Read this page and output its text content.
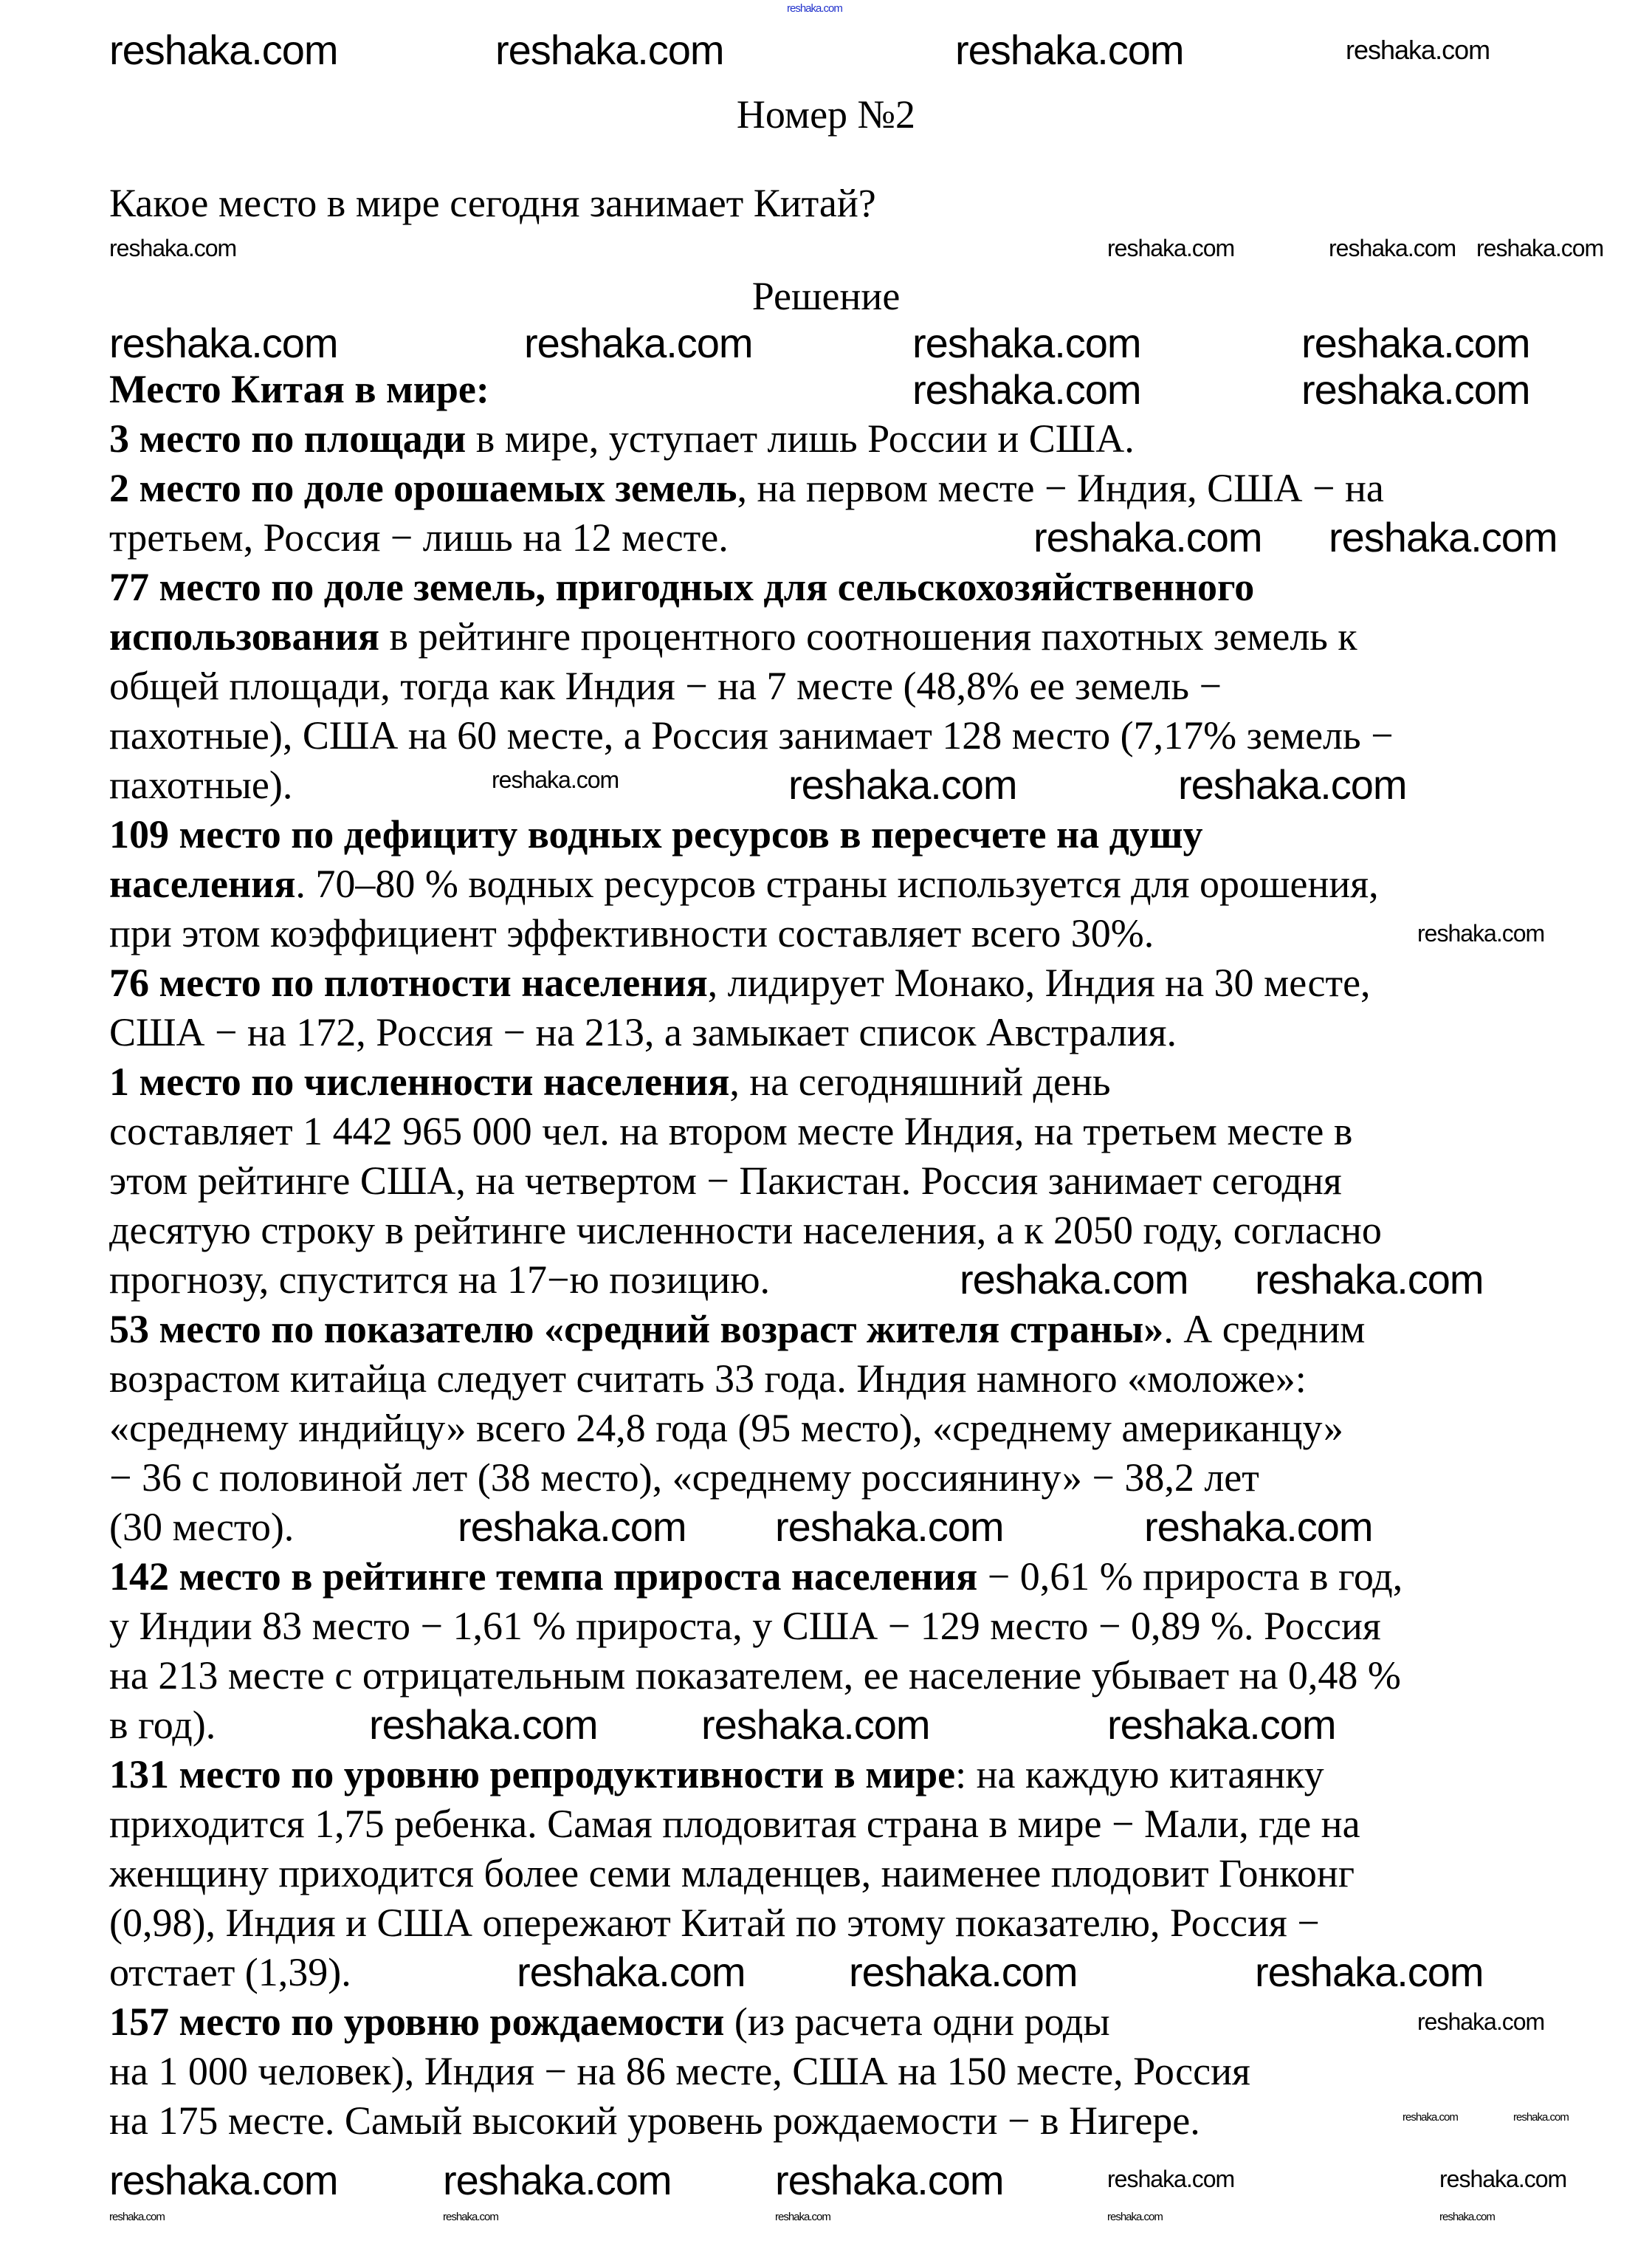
Номер №2
Какое место в мире сегодня занимает Китай?
Решение
Место Китая в мире:
3 место по площади в мире, уступает лишь России и США.
2 место по доле орошаемых земель, на первом месте − Индия, США − на
третьем, Россия − лишь на 12 месте.
77 место по доле земель, пригодных для сельскохозяйственного
использования в рейтинге процентного соотношения пахотных земель к
общей площади, тогда как Индия − на 7 месте (48,8% ее земель −
пахотные), США на 60 месте, а Россия занимает 128 место (7,17% земель −
пахотные).
109 место по дефициту водных ресурсов в пересчете на душу
населения. 70–80 % водных ресурсов страны используется для орошения,
при этом коэффициент эффективности составляет всего 30%.
76 место по плотности населения, лидирует Монако, Индия на 30 месте,
США − на 172, Россия − на 213, а замыкает список Австралия.
1 место по численности населения, на сегодняшний день
составляет 1 442 965 000 чел. на втором месте Индия, на третьем месте в
этом рейтинге США, на четвертом − Пакистан. Россия занимает сегодня
десятую строку в рейтинге численности населения, а к 2050 году, согласно
прогнозу, спустится на 17−ю позицию.
53 место по показателю «средний возраст жителя страны». А средним
возрастом китайца следует считать 33 года. Индия намного «моложе»:
«среднему индийцу» всего 24,8 года (95 место), «среднему американцу»
− 36 с половиной лет (38 место), «среднему россиянину» − 38,2 лет
(30 место).
142 место в рейтинге темпа прироста населения − 0,61 % прироста в год,
у Индии 83 место − 1,61 % прироста, у США − 129 место − 0,89 %. Россия
на 213 месте с отрицательным показателем, ее население убывает на 0,48 %
в год).
131 место по уровню репродуктивности в мире: на каждую китаянку
приходится 1,75 ребенка. Самая плодовитая страна в мире − Мали, где на
женщину приходится более семи младенцев, наименее плодовит Гонконг
(0,98), Индия и США опережают Китай по этому показателю, Россия −
отстает (1,39).
157 место по уровню рождаемости (из расчета одни роды
на 1 000 человек), Индия − на 86 месте, США на 150 месте, Россия
на 175 месте. Самый высокий уровень рождаемости − в Нигере.
reshaka.com
reshaka.com	reshaka.com	reshaka.com	reshaka.com
reshaka.com	reshaka.com	reshaka.com reshaka.com
reshaka.com	reshaka.com	reshaka.com	reshaka.com
reshaka.com	reshaka.com
reshaka.com reshaka.com
reshaka.com	reshaka.com	reshaka.com
reshaka.com
reshaka.com reshaka.com
reshaka.com reshaka.com	reshaka.com
reshaka.com	reshaka.com	reshaka.com
reshaka.com	reshaka.com	reshaka.com
reshaka.com
reshaka.com	reshaka.com
reshaka.com	reshaka.com	reshaka.com	reshaka.com	reshaka.com
reshaka.com	reshaka.com	reshaka.com	reshaka.com	reshaka.com
